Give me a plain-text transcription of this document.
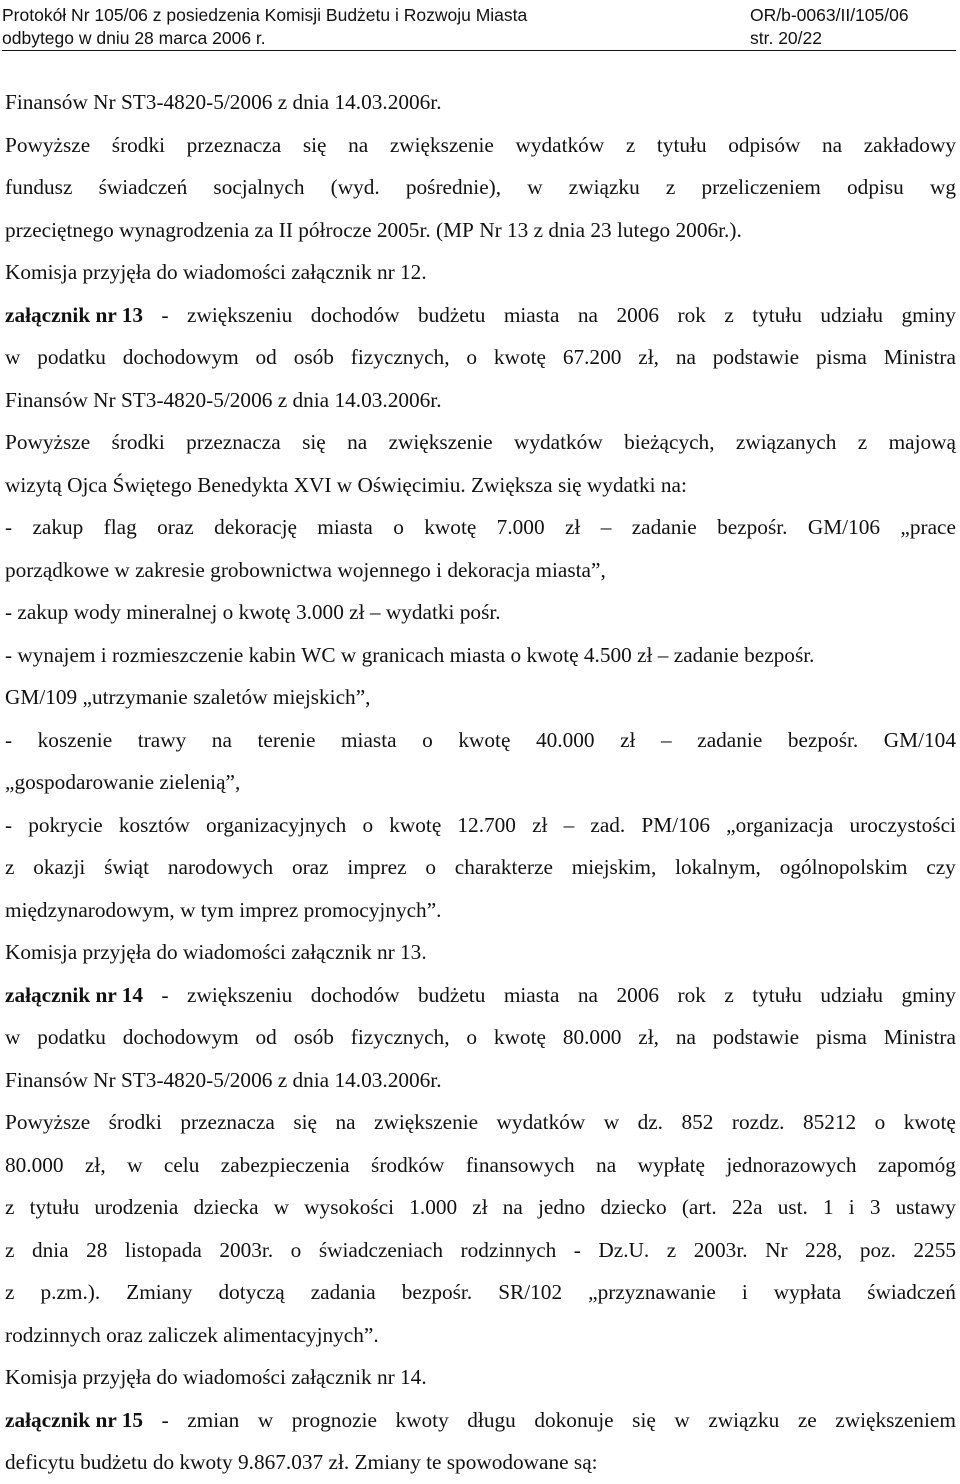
Protokół Nr 105/06 z posiedzenia Komisji Budżetu i Rozwoju Miasta	OR/b-0063/II/105/06
odbytego w dniu 28 marca 2006 r.	str. 20/22
Finansów Nr ST3-4820-5/2006 z dnia 14.03.2006r.
Powyższe środki przeznacza się na zwiększenie wydatków z tytułu odpisów na zakładowy
fundusz świadczeń socjalnych (wyd. pośrednie), w związku z przeliczeniem odpisu wg
przeciętnego wynagrodzenia za II półrocze 2005r. (MP Nr 13 z dnia 23 lutego 2006r.).
Komisja przyjęła do wiadomości załącznik nr 12.
załącznik nr 13 - zwiększeniu dochodów budżetu miasta na 2006 rok z tytułu udziału gminy
w podatku dochodowym od osób fizycznych, o kwotę 67.200 zł, na podstawie pisma Ministra
Finansów Nr ST3-4820-5/2006 z dnia 14.03.2006r.
Powyższe środki przeznacza się na zwiększenie wydatków bieżących, związanych z majową
wizytą Ojca Świętego Benedykta XVI w Oświęcimiu. Zwiększa się wydatki na:
- zakup flag oraz dekorację miasta o kwotę 7.000 zł – zadanie bezpośr. GM/106 „prace
porządkowe w zakresie grobownictwa wojennego i dekoracja miasta”,
- zakup wody mineralnej o kwotę 3.000 zł – wydatki pośr.
- wynajem i rozmieszczenie kabin WC w granicach miasta o kwotę 4.500 zł – zadanie bezpośr.
GM/109 „utrzymanie szaletów miejskich”,
- koszenie trawy na terenie miasta o kwotę 40.000 zł – zadanie bezpośr. GM/104
„gospodarowanie zielenią”,
- pokrycie kosztów organizacyjnych o kwotę 12.700 zł – zad. PM/106 „organizacja uroczystości
z okazji świąt narodowych oraz imprez o charakterze miejskim, lokalnym, ogólnopolskim czy
międzynarodowym, w tym imprez promocyjnych”.
Komisja przyjęła do wiadomości załącznik nr 13.
załącznik nr 14 - zwiększeniu dochodów budżetu miasta na 2006 rok z tytułu udziału gminy
w podatku dochodowym od osób fizycznych, o kwotę 80.000 zł, na podstawie pisma Ministra
Finansów Nr ST3-4820-5/2006 z dnia 14.03.2006r.
Powyższe środki przeznacza się na zwiększenie wydatków w dz. 852 rozdz. 85212 o kwotę
80.000 zł, w celu zabezpieczenia środków finansowych na wypłatę jednorazowych zapomóg
z tytułu urodzenia dziecka w wysokości 1.000 zł na jedno dziecko (art. 22a ust. 1 i 3 ustawy
z dnia 28 listopada 2003r. o świadczeniach rodzinnych - Dz.U. z 2003r. Nr 228, poz. 2255
z p.zm.). Zmiany dotyczą zadania bezpośr. SR/102 „przyznawanie i wypłata świadczeń
rodzinnych oraz zaliczek alimentacyjnych”.
Komisja przyjęła do wiadomości załącznik nr 14.
załącznik nr 15 - zmian w prognozie kwoty długu dokonuje się w związku ze zwiększeniem
deficytu budżetu do kwoty 9.867.037 zł. Zmiany te spowodowane są:
